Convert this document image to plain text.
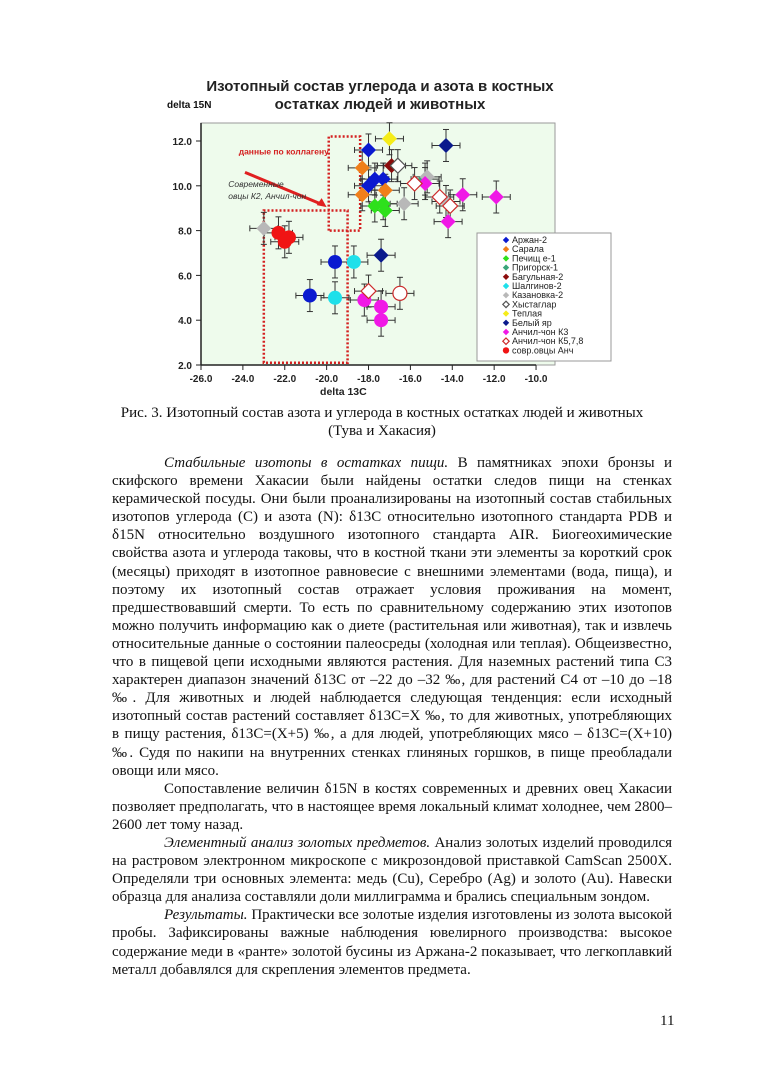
Изотопный состав углерода и азота в костных
остатках людей и животных
delta 15N
-26.0 -24.0 -22.0 -20.0 -18.0 -16.0 -14.0 -12.0 -10.0
2.0
4.0
6.0
8.0
10.0
12.0
delta 13C
данные по коллагену
Современные
овцы К2, Анчил-чон
Аржан-2
Сарала
Печищ е-1
Пригорск-1
Багульная-2
Шалгинов-2
Казановка-2
Хыстаглар
Теплая
Белый яр
Анчил-чон К3
Анчил-чон К5,7,8
совр.овцы Анч
Рис. 3. Изотопный состав азота и углерода в костных остатках людей и животных
(Тува и Хакасия)

Стабильные изотопы в остатках пищи. В памятниках эпохи бронзы и скифского времени Хакасии были найдены остатки следов пищи на стенках керамической посуды. Они были проанализированы на изотопный состав стабильных изотопов углерода (С) и азота (N): δ13C относительно изотопного стандарта PDB и δ15N относительно воздушного изотопного стандарта AIR. Биогеохимические свойства азота и углерода таковы, что в костной ткани эти элементы за короткий срок (месяцы) приходят в изотопное равновесие с внешними элементами (вода, пища), и поэтому их изотопный состав отражает условия проживания на момент, предшествовавший смерти. То есть по сравнительному содержанию этих изотопов можно получить информацию как о диете (растительная или животная), так и извлечь относительные данные о состоянии палеосреды (холодная или теплая). Общеизвестно, что в пищевой цепи исходными являются растения. Для наземных растений типа С3 характерен диапазон значений δ13C от –22 до –32 ‰, для растений С4 от –10 до –18 ‰. Для животных и людей наблюдается следующая тенденция: если исходный изотопный состав растений составляет δ13C=X ‰, то для животных, употребляющих в пищу растения, δ13C=(X+5) ‰, а для людей, употребляющих мясо – δ13C=(X+10) ‰. Судя по накипи на внутренних стенках глиняных горшков, в пище преобладали овощи или мясо.

Сопоставление величин δ15N в костях современных и древних овец Хакасии позволяет предполагать, что в настоящее время локальный климат холоднее, чем 2800–2600 лет тому назад.

Элементный анализ золотых предметов. Анализ золотых изделий проводился на растровом электронном микроскопе с микрозондовой приставкой CamScan 2500X. Определяли три основных элемента: медь (Cu), Серебро (Ag) и золото (Au). Навески образца для анализа составляли доли миллиграмма и брались специальным зондом.

Результаты. Практически все золотые изделия изготовлены из золота высокой пробы. Зафиксированы важные наблюдения ювелирного производства: высокое содержание меди в «ранте» золотой бусины из Аржана-2 показывает, что легкоплавкий металл добавлялся для скрепления элементов предмета.

11
